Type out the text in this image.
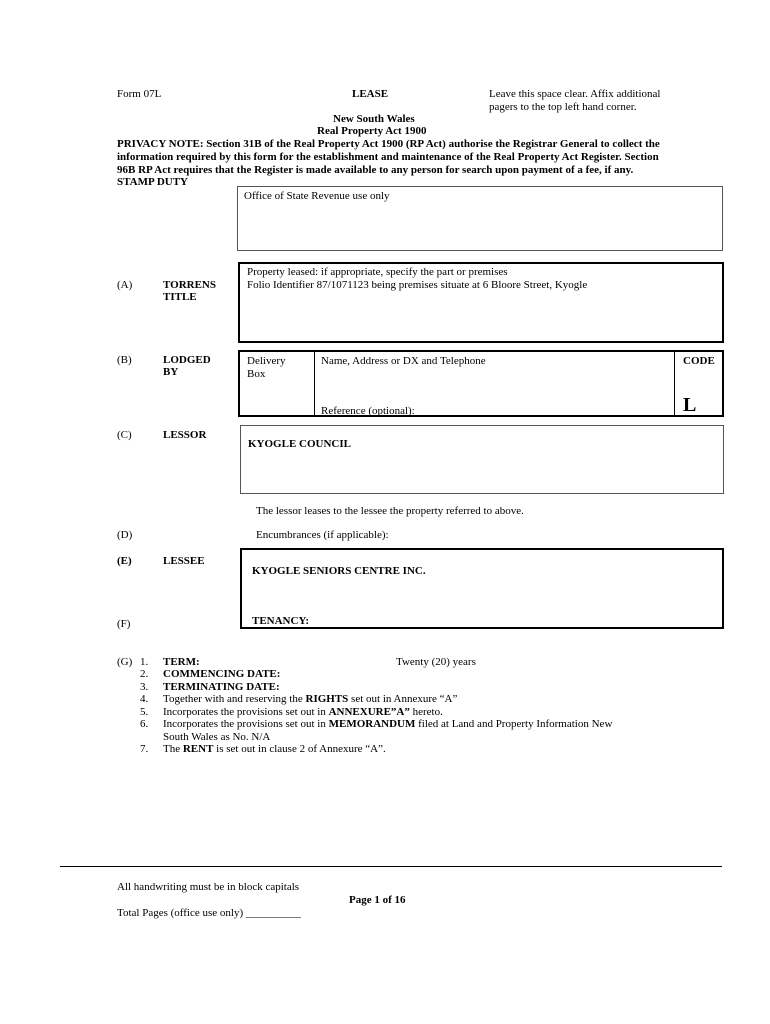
Form 07L	LEASE	Leave this space clear. Affix additional
pagers to the top left hand corner.
New South Wales
Real Property Act 1900
PRIVACY NOTE: Section 31B of the Real Property Act 1900 (RP Act) authorise the Registrar General to collect the
information required by this form for the establishment and maintenance of the Real Property Act Register. Section
96B RP Act requires that the Register is made available to any person for search upon payment of a fee, if any.
STAMP DUTY
Office of State Revenue use only
(A)	TORRENS
TITLE
Property leased: if appropriate, specify the part or premises
Folio Identifier 87/1071123 being premises situate at 6 Bloore Street, Kyogle
(B)	LODGED
BY
Delivery
Box
Name, Address or DX and Telephone
Reference (optional):
CODE
L
(C)	LESSOR
KYOGLE COUNCIL
The lessor leases to the lessee the property referred to above.
(D)	Encumbrances (if applicable):
(E)	LESSEE
KYOGLE SENIORS CENTRE INC.
TENANCY:
(F)
(G) 1. TERM:	Twenty (20) years
2. COMMENCING DATE:
3. TERMINATING DATE:
4. Together with and reserving the RIGHTS set out in Annexure “A”
5. Incorporates the provisions set out in ANNEXURE”A” hereto.
6. Incorporates the provisions set out in MEMORANDUM filed at Land and Property Information New
South Wales as No. N/A
7. The RENT is set out in clause 2 of Annexure “A”.
All handwriting must be in block capitals
Page 1 of 16
Total Pages (office use only) __________
